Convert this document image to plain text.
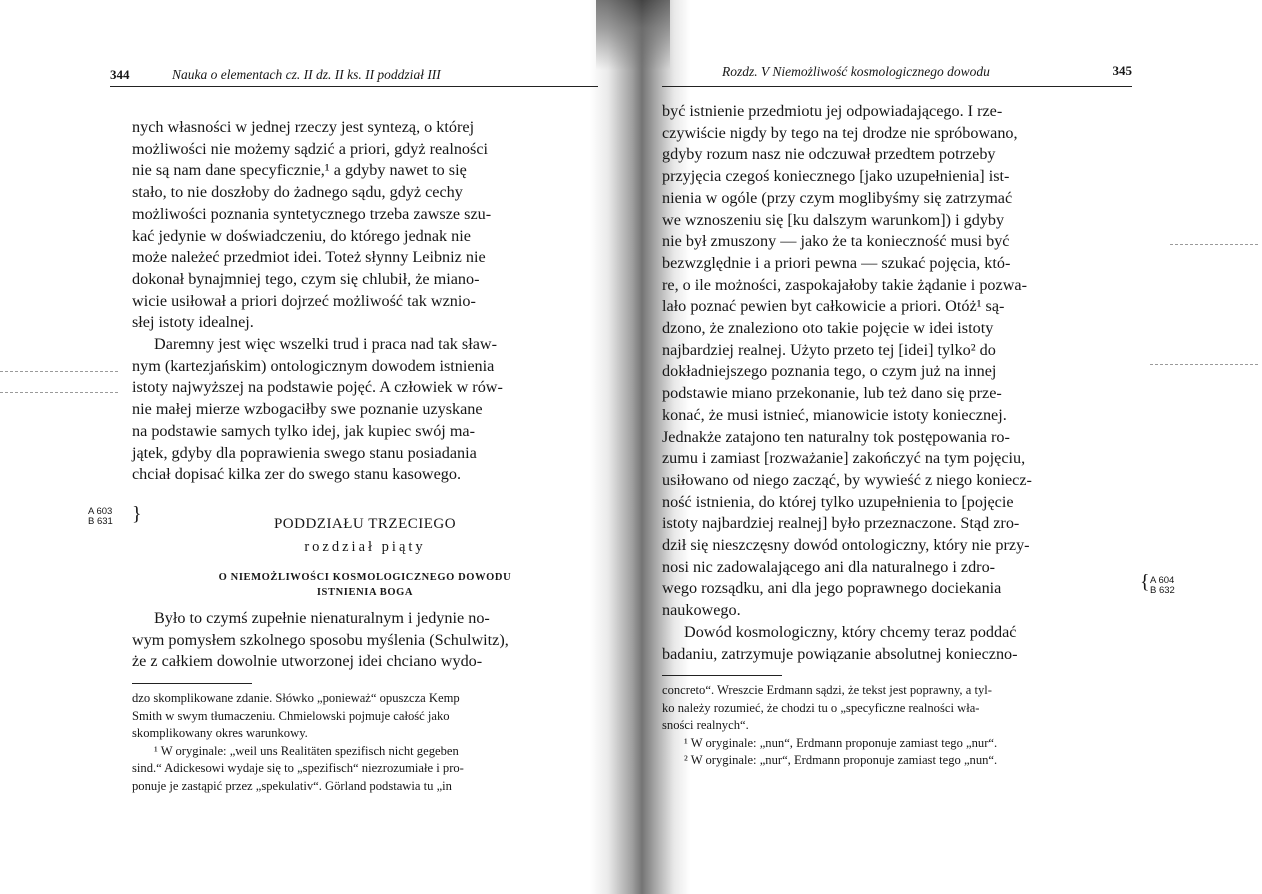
344	Nauka o elementach cz. II dz. II ks. II poddział III

nych własności w jednej rzeczy jest syntezą, o której

możliwości nie możemy sądzić a priori, gdyż realności

nie są nam dane specyficznie,¹ a gdyby nawet to się

stało, to nie doszłoby do żadnego sądu, gdyż cechy

możliwości poznania syntetycznego trzeba zawsze szu-

kać jedynie w doświadczeniu, do którego jednak nie

może należeć przedmiot idei. Toteż słynny Leibniz nie

dokonał bynajmniej tego, czym się chlubił, że miano-

wicie usiłował a priori dojrzeć możliwość tak wznio-

słej istoty idealnej.

Daremny jest więc wszelki trud i praca nad tak sław-

nym (kartezjańskim) ontologicznym dowodem istnienia

istoty najwyższej na podstawie pojęć. A człowiek w rów-

nie małej mierze wzbogaciłby swe poznanie uzyskane

na podstawie samych tylko idej, jak kupiec swój ma-

jątek, gdyby dla poprawienia swego stanu posiadania

chciał dopisać kilka zer do swego stanu kasowego.

PODDZIAŁU TRZECIEGO
rozdział piąty
O NIEMOŻLIWOŚCI KOSMOLOGICZNEGO DOWODU
ISTNIENIA BOGA

Było to czymś zupełnie nienaturalnym i jedynie no-

wym pomysłem szkolnego sposobu myślenia (Schulwitz),

że z całkiem dowolnie utworzonej idei chciano wydo-

dzo skomplikowane zdanie. Słówko „ponieważ“ opuszcza Kemp

Smith w swym tłumaczeniu. Chmielowski pojmuje całość jako

skomplikowany okres warunkowy.

¹ W oryginale: „weil uns Realitäten spezifisch nicht gegeben

sind.“ Adickesowi wydaje się to „spezifisch“ niezrozumiałe i pro-

ponuje je zastąpić przez „spekulativ“. Görland podstawia tu „in

A 603
B 631
Rozdz. V Niemożliwość kosmologicznego dowodu	345

być istnienie przedmiotu jej odpowiadającego. I rze-

czywiście nigdy by tego na tej drodze nie spróbowano,

gdyby rozum nasz nie odczuwał przedtem potrzeby

przyjęcia czegoś koniecznego [jako uzupełnienia] ist-

nienia w ogóle (przy czym moglibyśmy się zatrzymać

we wznoszeniu się [ku dalszym warunkom]) i gdyby

nie był zmuszony — jako że ta konieczność musi być

bezwzględnie i a priori pewna — szukać pojęcia, któ-

re, o ile możności, zaspokajałoby takie żądanie i pozwa-

lało poznać pewien byt całkowicie a priori. Otóż¹ są-

dzono, że znaleziono oto takie pojęcie w idei istoty

najbardziej realnej. Użyto przeto tej [idei] tylko² do

dokładniejszego poznania tego, o czym już na innej

podstawie miano przekonanie, lub też dano się prze-

konać, że musi istnieć, mianowicie istoty koniecznej.

Jednakże zatajono ten naturalny tok postępowania ro-

zumu i zamiast [rozważanie] zakończyć na tym pojęciu,

usiłowano od niego zacząć, by wywieść z niego koniecz-

ność istnienia, do której tylko uzupełnienia to [pojęcie

istoty najbardziej realnej] było przeznaczone. Stąd zro-

dził się nieszczęsny dowód ontologiczny, który nie przy-

nosi nic zadowalającego ani dla naturalnego i zdro-

wego rozsądku, ani dla jego poprawnego dociekania

naukowego.

Dowód kosmologiczny, który chcemy teraz poddać

badaniu, zatrzymuje powiązanie absolutnej konieczno-

concreto“. Wreszcie Erdmann sądzi, że tekst jest poprawny, a tyl-

ko należy rozumieć, że chodzi tu o „specyficzne realności wła-

sności realnych“.

¹ W oryginale: „nun“, Erdmann proponuje zamiast tego „nur“.

² W oryginale: „nur“, Erdmann proponuje zamiast tego „nun“.

A 604
B 632
}
{
